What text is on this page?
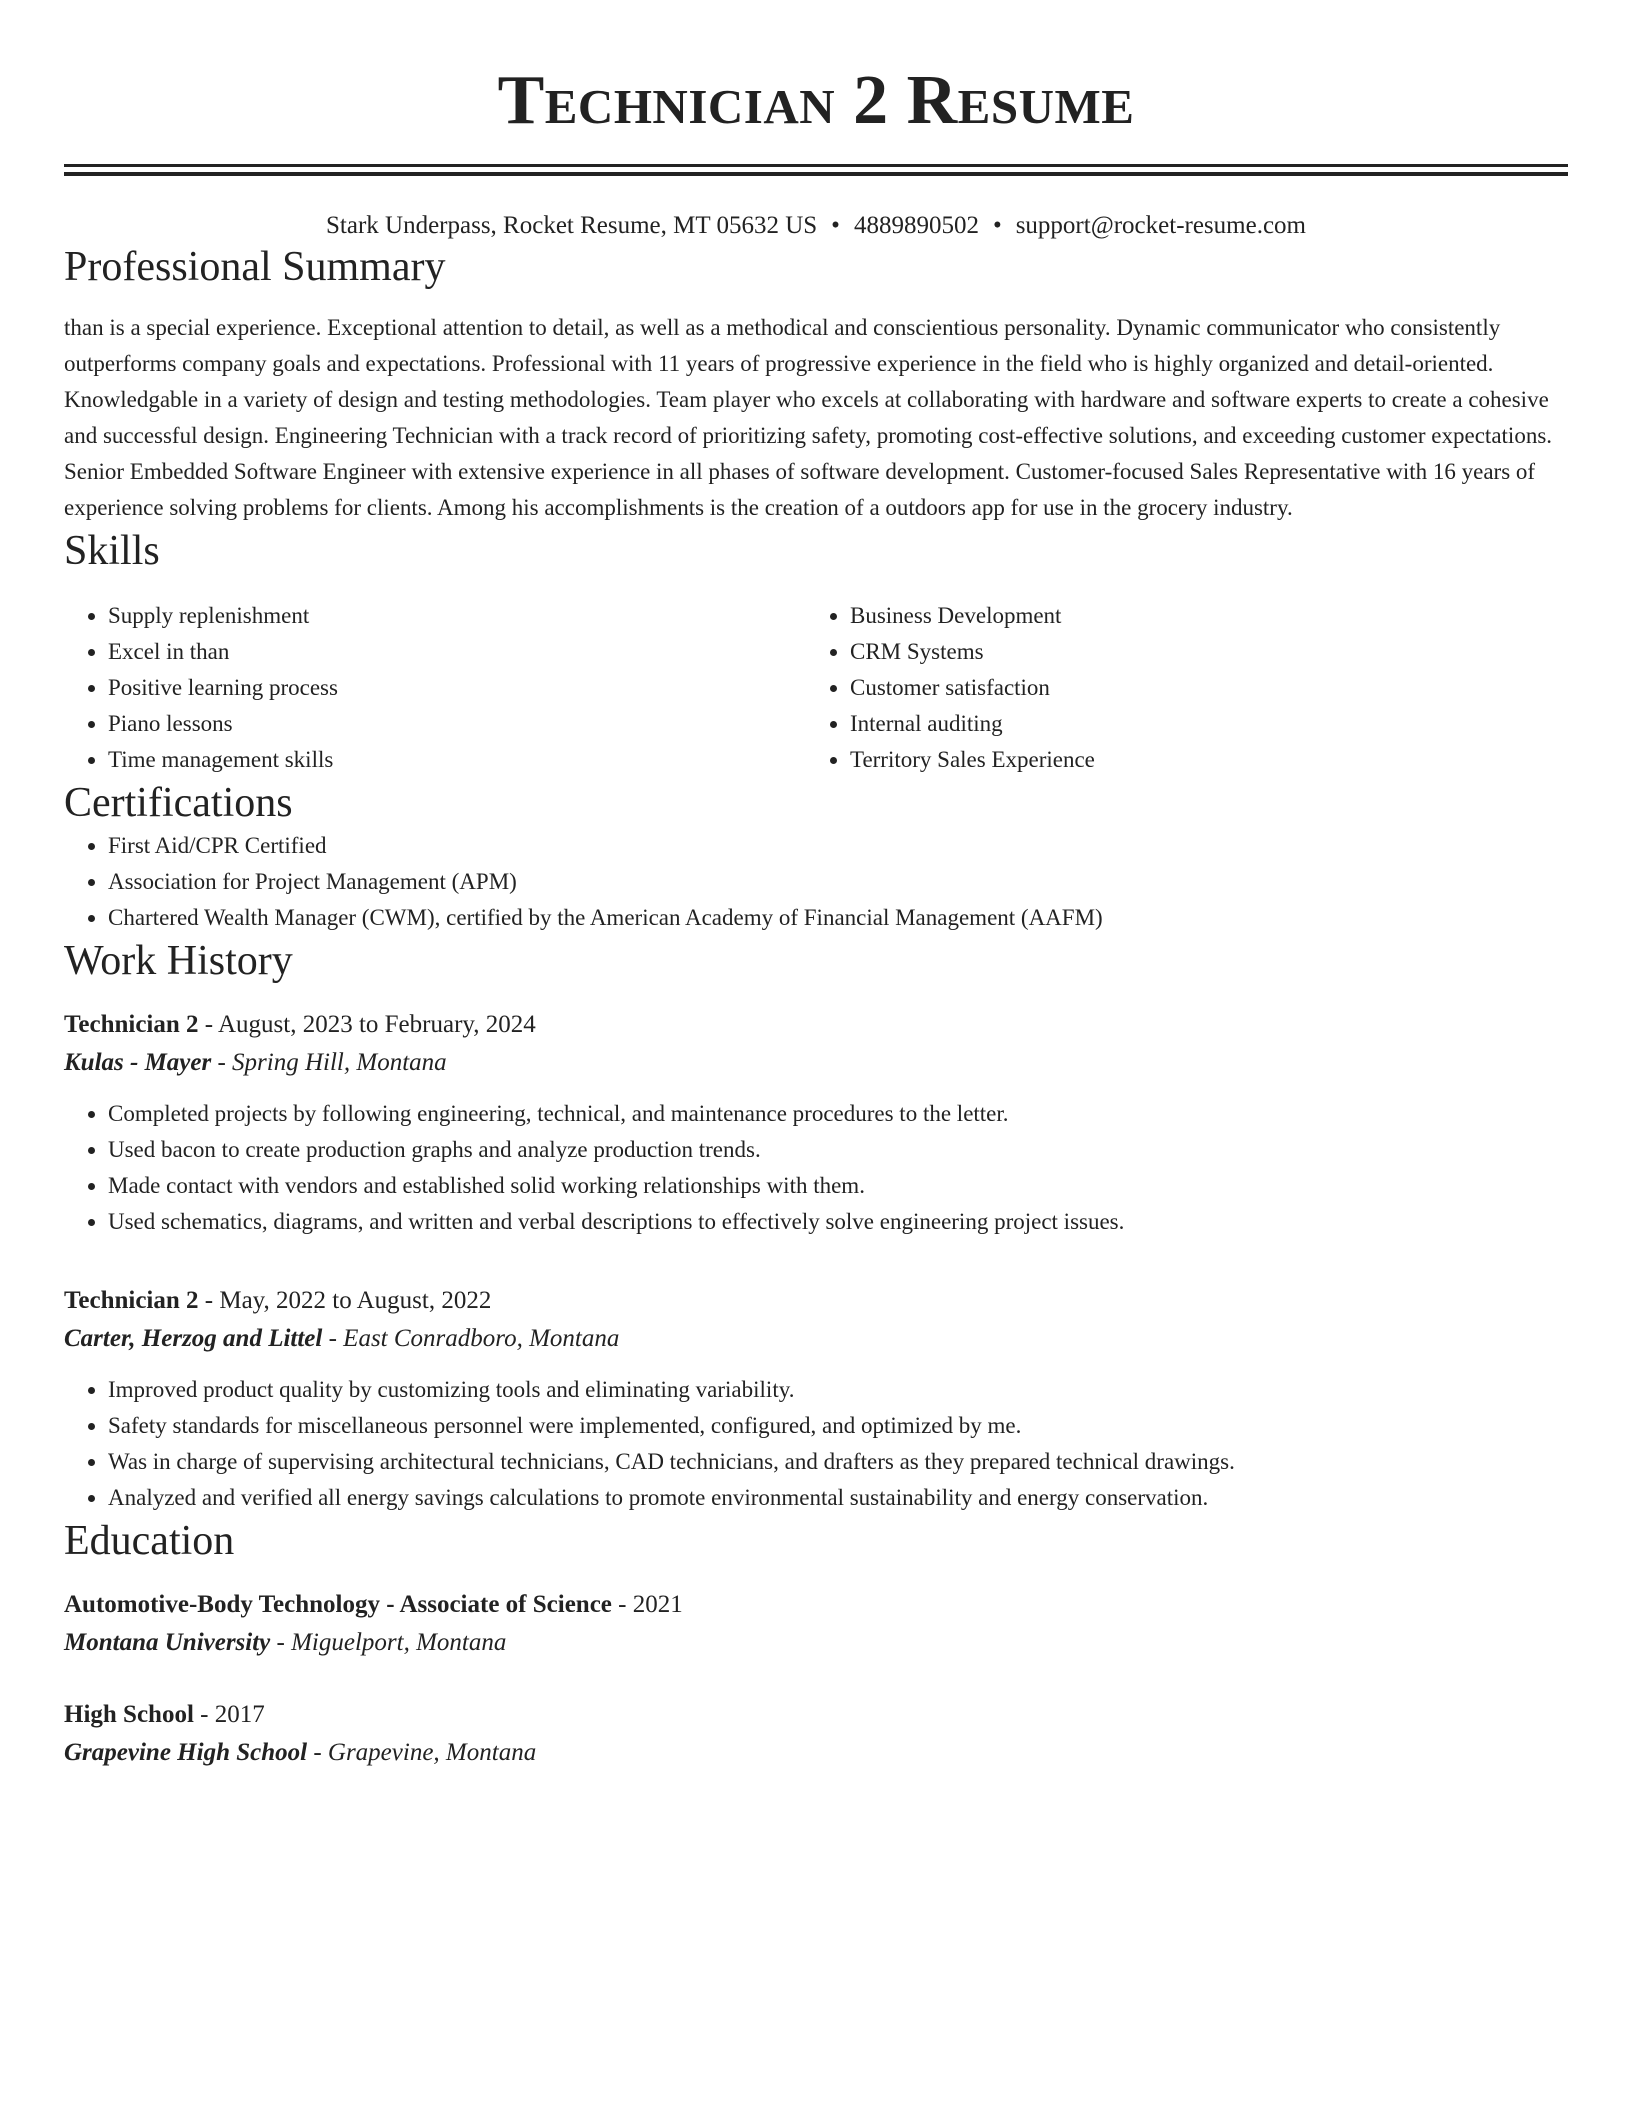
Technician 2 Resume
Stark Underpass, Rocket Resume, MT 05632 US • 4889890502 • support@rocket-resume.com
Professional Summary
than is a special experience. Exceptional attention to detail, as well as a methodical and conscientious personality. Dynamic communicator who consistently outperforms company goals and expectations. Professional with 11 years of progressive experience in the field who is highly organized and detail-oriented. Knowledgable in a variety of design and testing methodologies. Team player who excels at collaborating with hardware and software experts to create a cohesive and successful design. Engineering Technician with a track record of prioritizing safety, promoting cost-effective solutions, and exceeding customer expectations. Senior Embedded Software Engineer with extensive experience in all phases of software development. Customer-focused Sales Representative with 16 years of experience solving problems for clients. Among his accomplishments is the creation of a outdoors app for use in the grocery industry.
Skills
• Supply replenishment
• Excel in than
• Positive learning process
• Piano lessons
• Time management skills
• Business Development
• CRM Systems
• Customer satisfaction
• Internal auditing
• Territory Sales Experience
Certifications
• First Aid/CPR Certified
• Association for Project Management (APM)
• Chartered Wealth Manager (CWM), certified by the American Academy of Financial Management (AAFM)
Work History
Technician 2 - August, 2023 to February, 2024
Kulas - Mayer - Spring Hill, Montana
• Completed projects by following engineering, technical, and maintenance procedures to the letter.
• Used bacon to create production graphs and analyze production trends.
• Made contact with vendors and established solid working relationships with them.
• Used schematics, diagrams, and written and verbal descriptions to effectively solve engineering project issues.
Technician 2 - May, 2022 to August, 2022
Carter, Herzog and Littel - East Conradboro, Montana
• Improved product quality by customizing tools and eliminating variability.
• Safety standards for miscellaneous personnel were implemented, configured, and optimized by me.
• Was in charge of supervising architectural technicians, CAD technicians, and drafters as they prepared technical drawings.
• Analyzed and verified all energy savings calculations to promote environmental sustainability and energy conservation.
Education
Automotive-Body Technology - Associate of Science - 2021
Montana University - Miguelport, Montana
High School - 2017
Grapevine High School - Grapevine, Montana
